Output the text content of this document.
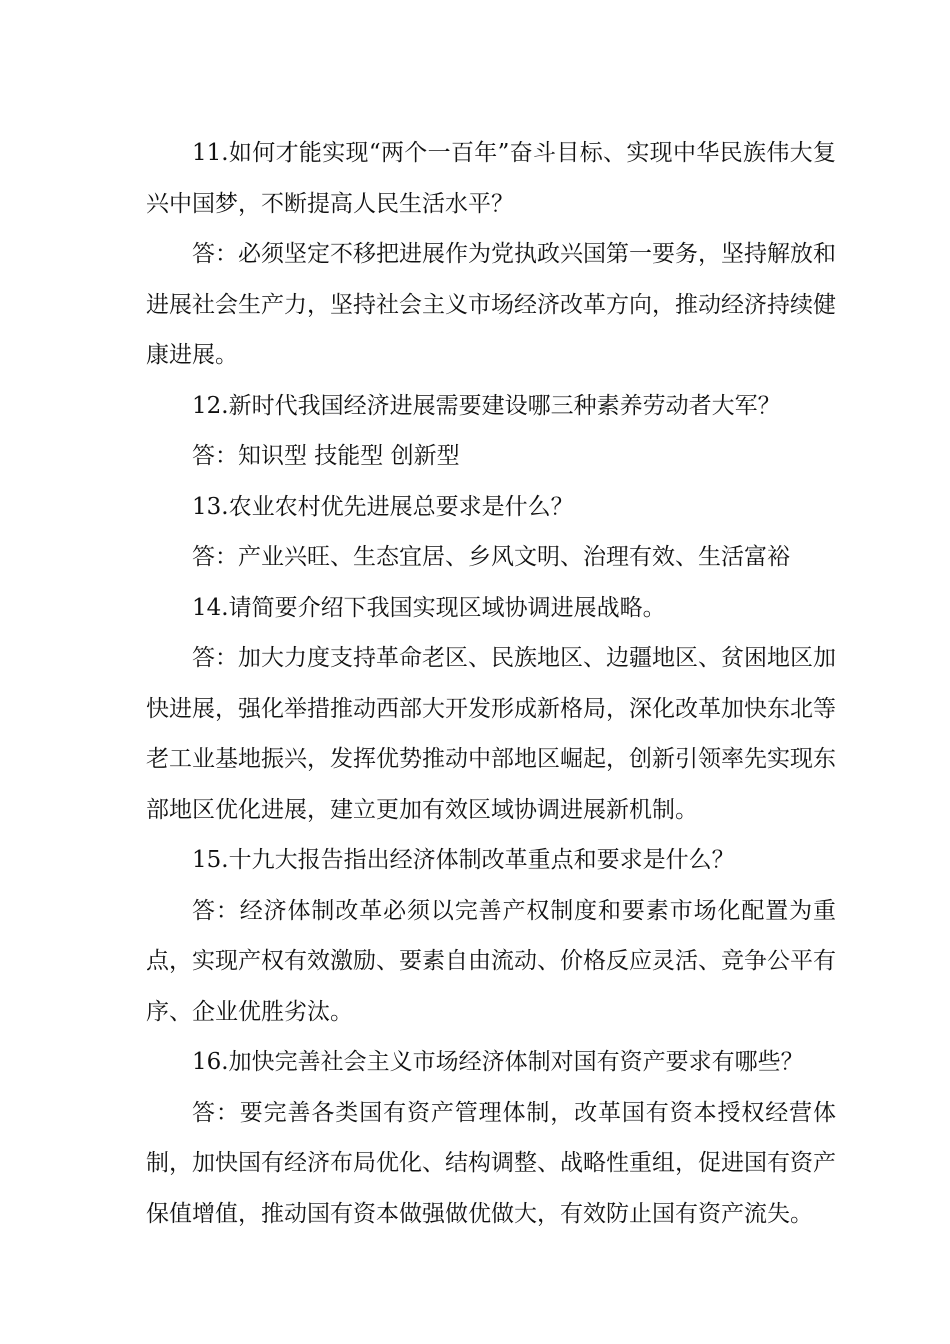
11.如何才能实现“两个一百年”奋斗目标、实现中华民族伟大复兴中国梦，不断提高人民生活水平？

答：必须坚定不移把进展作为党执政兴国第一要务，坚持解放和进展社会生产力，坚持社会主义市场经济改革方向，推动经济持续健康进展。

12.新时代我国经济进展需要建设哪三种素养劳动者大军？

答：知识型 技能型 创新型

13.农业农村优先进展总要求是什么？

答：产业兴旺、生态宜居、乡风文明、治理有效、生活富裕

14.请简要介绍下我国实现区域协调进展战略。

答：加大力度支持革命老区、民族地区、边疆地区、贫困地区加快进展，强化举措推动西部大开发形成新格局，深化改革加快东北等老工业基地振兴，发挥优势推动中部地区崛起，创新引领率先实现东部地区优化进展，建立更加有效区域协调进展新机制。

15.十九大报告指出经济体制改革重点和要求是什么？

答：经济体制改革必须以完善产权制度和要素市场化配置为重点，实现产权有效激励、要素自由流动、价格反应灵活、竞争公平有序、企业优胜劣汰。

16.加快完善社会主义市场经济体制对国有资产要求有哪些？

答：要完善各类国有资产管理体制，改革国有资本授权经营体制，加快国有经济布局优化、结构调整、战略性重组，促进国有资产保值增值，推动国有资本做强做优做大，有效防止国有资产流失。
